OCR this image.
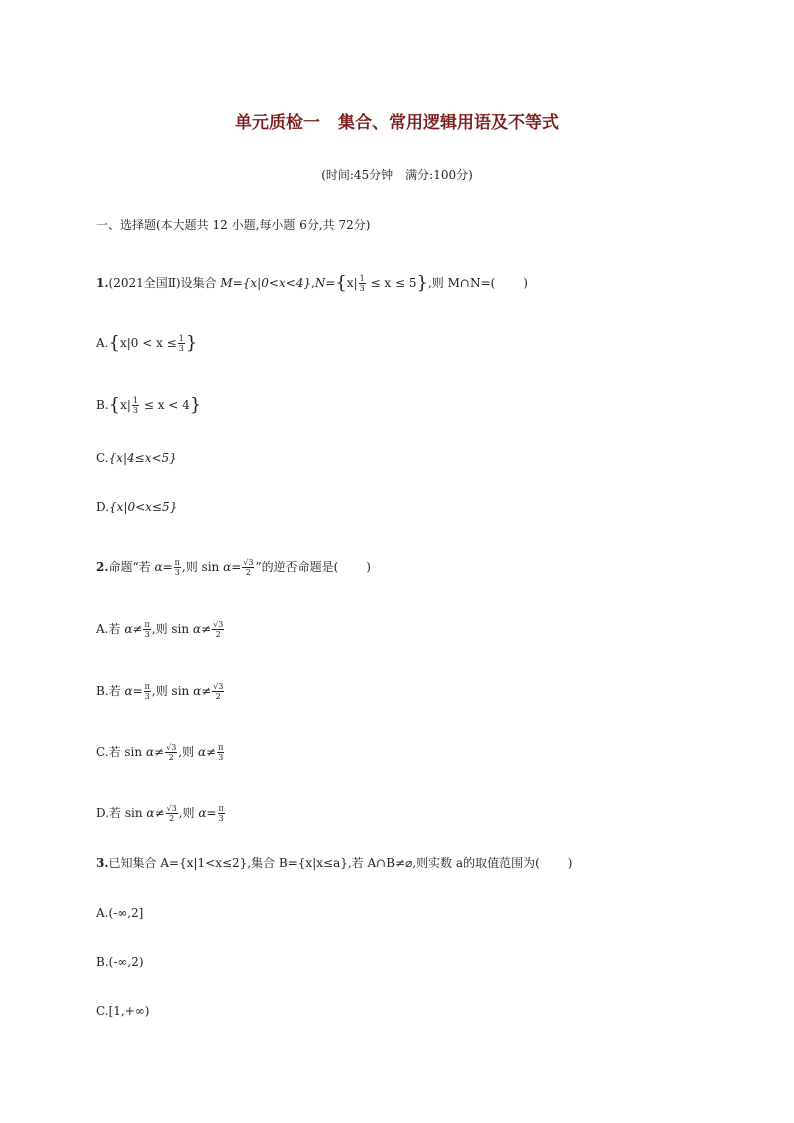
单元质检一 集合、常用逻辑用语及不等式
(时间:45分钟　满分:100分)
一、选择题(本大题共 12 小题,每小题 6分,共 72分)
1.(2021全国Ⅱ)设集合 $M=\{x|0<x<4\},N=\{x| \frac{1}{3} \le x \le 5\}$,则 M∩N=( )
$A.\{x|0 < x \le \frac{1}{3}$ }
$B.\{x| \frac{1}{3} \le x < 4\}$
C.{x|4≤x<5}
D.{x|0<x≤5}
2.命题“若 $\alpha= \frac{\pi}{3}$ ,则 $\sin \alpha= \frac{√3}{2}$ ”的逆否命题是( )
A.若 $\alpha\ne \frac{\pi}{3}$ ,则 $\sin \alpha\ne \frac{√3}{2}$
B.若 $\alpha= \frac{\pi}{3}$ ,则 $\sin \alpha\ne \frac{√3}{2}$
C.若 $\sin \alpha\ne \frac{√3}{2}$ ,则 $\alpha\ne \frac{\pi}{3}$
D.若 $\sin \alpha\ne \frac{√3}{2}$ ,则 $\alpha= \frac{\pi}{3}$
3.已知集合 A={x|1<x≤2},集合 B={x|x≤a},若 A∩B≠⌀,则实数 a的取值范围为( )
A.(-∞,2]
B.(-∞,2)
C.[1,+∞)
